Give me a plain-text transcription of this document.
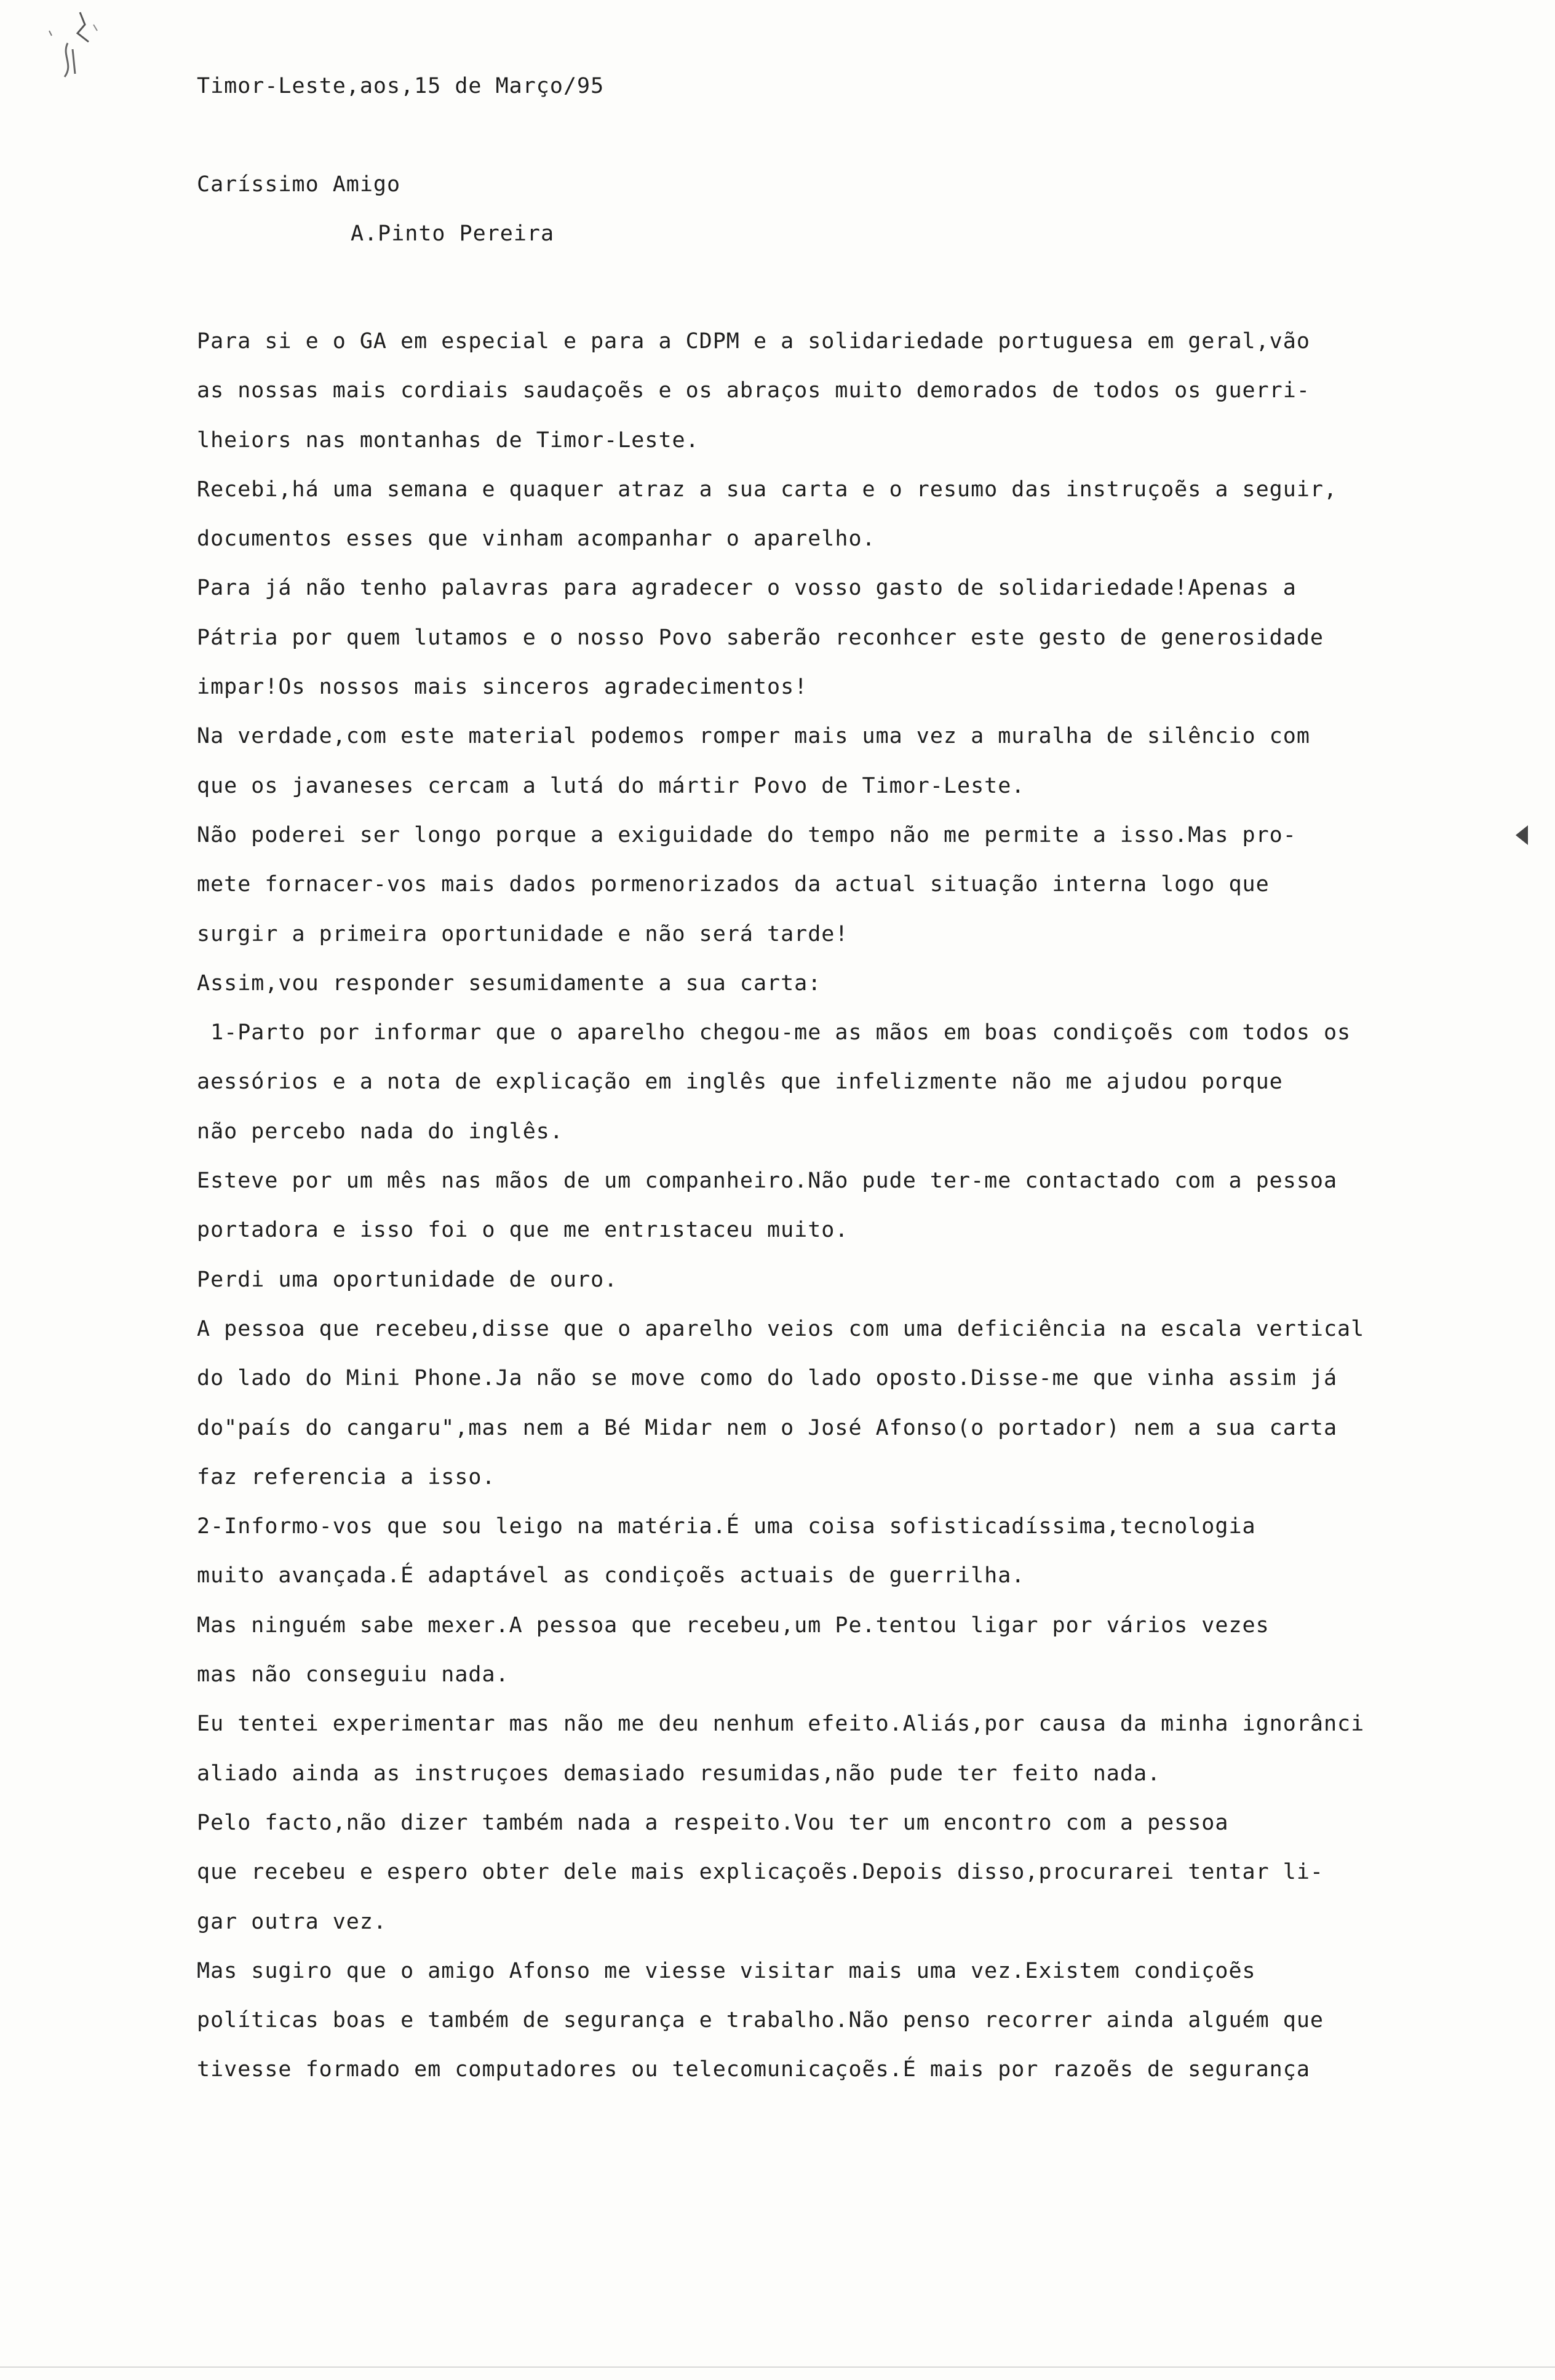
Timor-Leste,aos,15 de Março/95
Caríssimo Amigo
A.Pinto Pereira
Para si e o GA em especial e para a CDPM e a solidariedade portuguesa em geral,vão
as nossas mais cordiais saudaçoẽs e os abraços muito demorados de todos os guerri-
lheiors nas montanhas de Timor-Leste.
Recebi,há uma semana e quaquer atraz a sua carta e o resumo das instruçoẽs a seguir,
documentos esses que vinham acompanhar o aparelho.
Para já não tenho palavras para agradecer o vosso gasto de solidariedade!Apenas a
Pátria por quem lutamos e o nosso Povo saberão reconhcer este gesto de generosidade
impar!Os nossos mais sinceros agradecimentos!
Na verdade,com este material podemos romper mais uma vez a muralha de silêncio com
que os javaneses cercam a lutá do mártir Povo de Timor-Leste.
Não poderei ser longo porque a exiguidade do tempo não me permite a isso.Mas pro-
mete fornacer-vos mais dados pormenorizados da actual situação interna logo que
surgir a primeira oportunidade e não será tarde!
Assim,vou responder sesumidamente a sua carta:
1-Parto por informar que o aparelho chegou-me as mãos em boas condiçoẽs com todos os
aessórios e a nota de explicação em inglês que infelizmente não me ajudou porque
não percebo nada do inglês.
Esteve por um mês nas mãos de um companheiro.Não pude ter-me contactado com a pessoa
portadora e isso foi o que me entrıstaceu muito.
Perdi uma oportunidade de ouro.
A pessoa que recebeu,disse que o aparelho veios com uma deficiência na escala vertical
do lado do Mini Phone.Ja não se move como do lado oposto.Disse-me que vinha assim já
do"país do cangaru",mas nem a Bé Midar nem o José Afonso(o portador) nem a sua carta
faz referencia a isso.
2-Informo-vos que sou leigo na matéria.É uma coisa sofisticadíssima,tecnologia
muito avançada.É adaptável as condiçoẽs actuais de guerrilha.
Mas ninguém sabe mexer.A pessoa que recebeu,um Pe.tentou ligar por vários vezes
mas não conseguiu nada.
Eu tentei experimentar mas não me deu nenhum efeito.Aliás,por causa da minha ignorânci
aliado ainda as instruçoes demasiado resumidas,não pude ter feito nada.
Pelo facto,não dizer também nada a respeito.Vou ter um encontro com a pessoa
que recebeu e espero obter dele mais explicaçoẽs.Depois disso,procurarei tentar li-
gar outra vez.
Mas sugiro que o amigo Afonso me viesse visitar mais uma vez.Existem condiçoẽs
políticas boas e também de segurança e trabalho.Não penso recorrer ainda alguém que
tivesse formado em computadores ou telecomunicaçoẽs.É mais por razoẽs de segurança
